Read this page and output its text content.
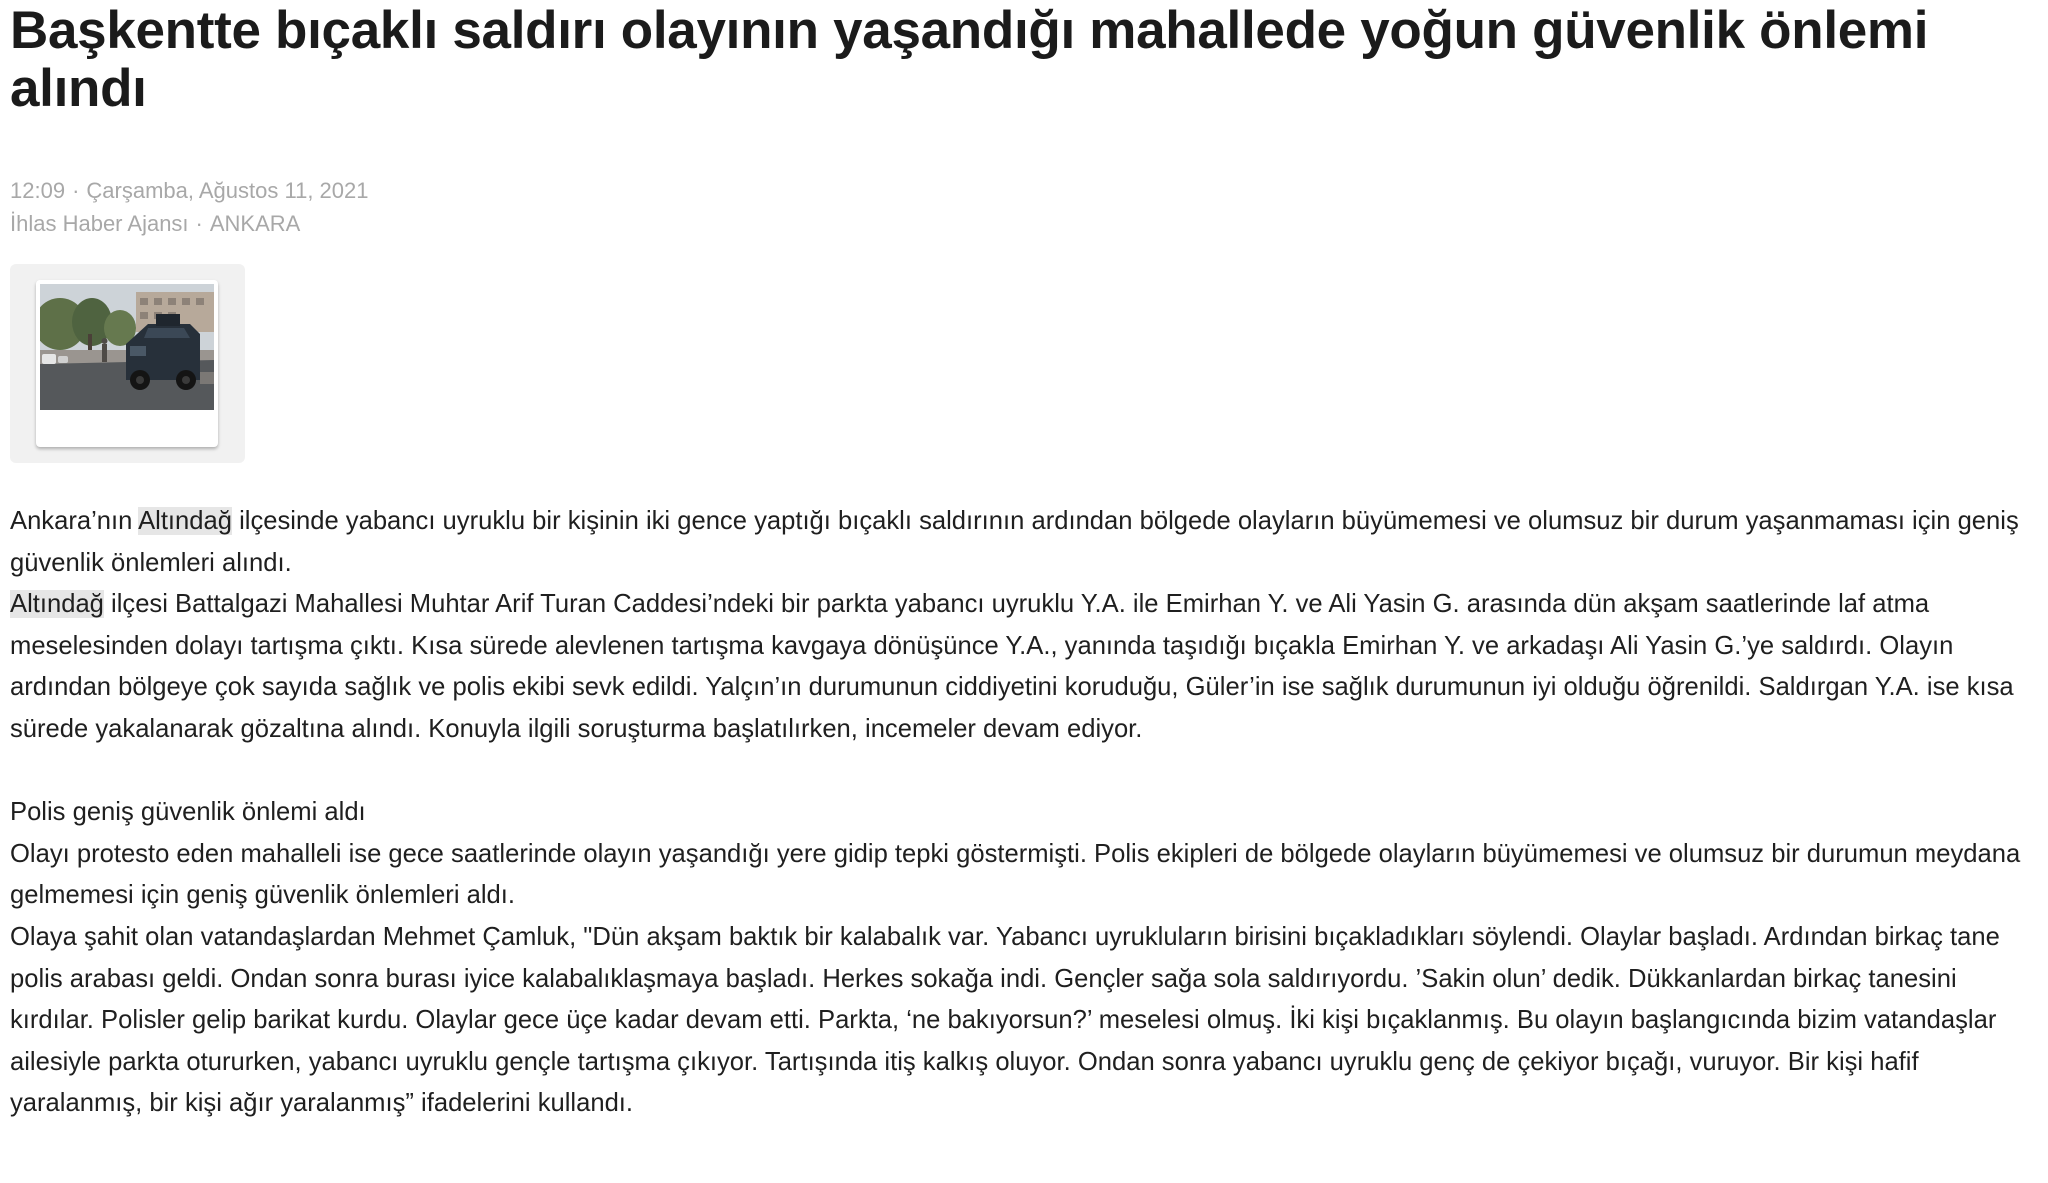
Başkentte bıçaklı saldırı olayının yaşandığı mahallede yoğun güvenlik önlemi alındı
12:09 · Çarşamba, Ağustos 11, 2021
İhlas Haber Ajansı · ANKARA

Ankara’nın Altındağ ilçesinde yabancı uyruklu bir kişinin iki gence yaptığı bıçaklı saldırının ardından bölgede olayların büyümemesi ve olumsuz bir durum yaşanmaması için geniş güvenlik önlemleri alındı.

Altındağ ilçesi Battalgazi Mahallesi Muhtar Arif Turan Caddesi’ndeki bir parkta yabancı uyruklu Y.A. ile Emirhan Y. ve Ali Yasin G. arasında dün akşam saatlerinde laf atma meselesinden dolayı tartışma çıktı. Kısa sürede alevlenen tartışma kavgaya dönüşünce Y.A., yanında taşıdığı bıçakla Emirhan Y. ve arkadaşı Ali Yasin G.’ye saldırdı. Olayın ardından bölgeye çok sayıda sağlık ve polis ekibi sevk edildi. Yalçın’ın durumunun ciddiyetini koruduğu, Güler’in ise sağlık durumunun iyi olduğu öğrenildi. Saldırgan Y.A. ise kısa sürede yakalanarak gözaltına alındı. Konuyla ilgili soruşturma başlatılırken, incemeler devam ediyor.

Polis geniş güvenlik önlemi aldı

Olayı protesto eden mahalleli ise gece saatlerinde olayın yaşandığı yere gidip tepki göstermişti. Polis ekipleri de bölgede olayların büyümemesi ve olumsuz bir durumun meydana gelmemesi için geniş güvenlik önlemleri aldı.

Olaya şahit olan vatandaşlardan Mehmet Çamluk, "Dün akşam baktık bir kalabalık var. Yabancı uyrukluların birisini bıçakladıkları söylendi. Olaylar başladı. Ardından birkaç tane polis arabası geldi. Ondan sonra burası iyice kalabalıklaşmaya başladı. Herkes sokağa indi. Gençler sağa sola saldırıyordu. ’Sakin olun’ dedik. Dükkanlardan birkaç tanesini kırdılar. Polisler gelip barikat kurdu. Olaylar gece üçe kadar devam etti. Parkta, ‘ne bakıyorsun?’ meselesi olmuş. İki kişi bıçaklanmış. Bu olayın başlangıcında bizim vatandaşlar ailesiyle parkta otururken, yabancı uyruklu gençle tartışma çıkıyor. Tartışında itiş kalkış oluyor. Ondan sonra yabancı uyruklu genç de çekiyor bıçağı, vuruyor. Bir kişi hafif yaralanmış, bir kişi ağır yaralanmış” ifadelerini kullandı.
